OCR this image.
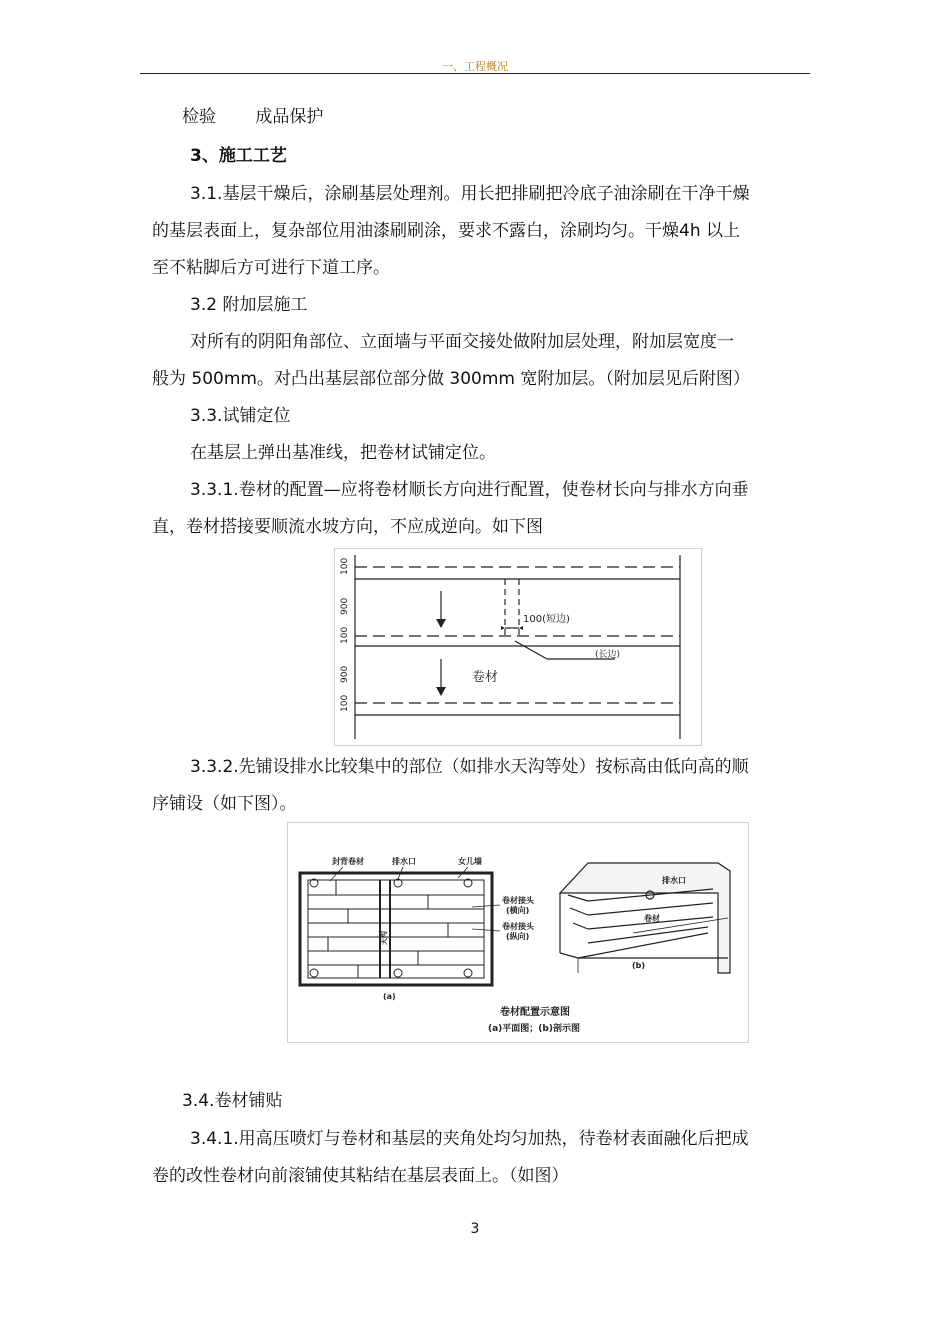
一、工程概况
检验　　 成品保护
3、施工工艺
3.1.基层干燥后，涂刷基层处理剂。用长把排刷把冷底子油涂刷在干净干燥
的基层表面上，复杂部位用油漆刷刷涂，要求不露白，涂刷均匀。干燥4h 以上
至不粘脚后方可进行下道工序。
3.2 附加层施工
对所有的阴阳角部位、立面墙与平面交接处做附加层处理，附加层宽度一
般为 500mm。对凸出基层部位部分做 300mm 宽附加层。（附加层见后附图）
3.3.试铺定位
在基层上弹出基准线，把卷材试铺定位。
3.3.1.卷材的配置—应将卷材顺长方向进行配置，使卷材长向与排水方向垂
直，卷材搭接要顺流水坡方向，不应成逆向。如下图
100
900
100
900
100
100(短边)
(长边)
卷材
3.3.2.先铺设排水比较集中的部位（如排水天沟等处）按标高由低向高的顺
序铺设（如下图）。
封背卷材	排水口	女儿墙
卷材接头
(横向)
卷材接头
(纵向)
天沟
(a)
排水口
卷材
(b)
卷材配置示意图
(a)平面图；(b)剖示图
3.4.卷材铺贴
3.4.1.用高压喷灯与卷材和基层的夹角处均匀加热，待卷材表面融化后把成
卷的改性卷材向前滚铺使其粘结在基层表面上。（如图）
3
